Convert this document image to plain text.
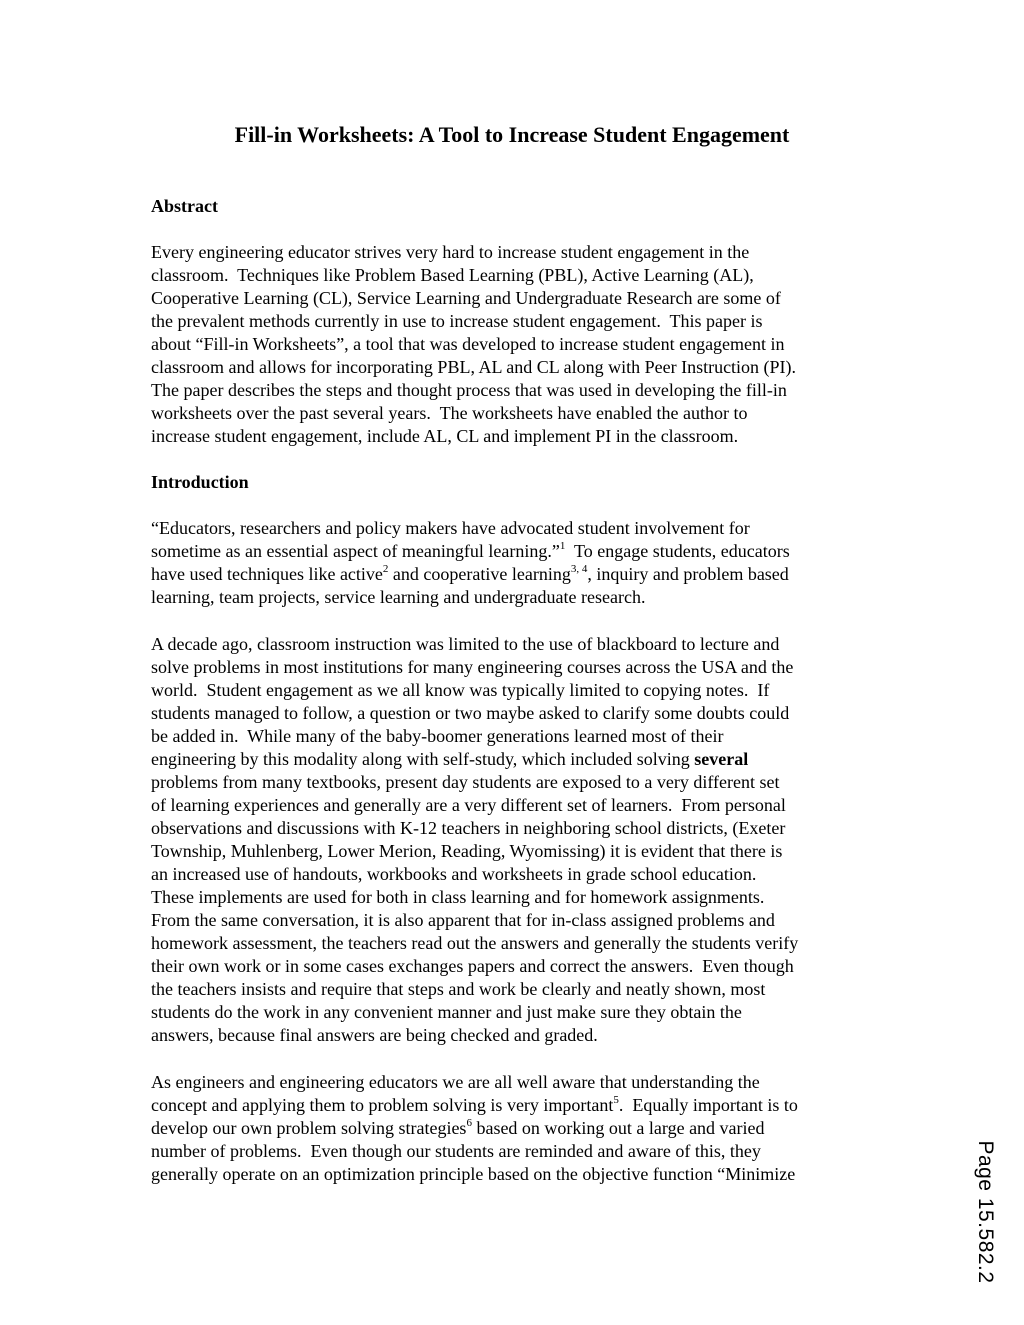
Fill-in Worksheets: A Tool to Increase Student Engagement
Abstract
Every engineering educator strives very hard to increase student engagement in the
classroom.  Techniques like Problem Based Learning (PBL), Active Learning (AL),
Cooperative Learning (CL), Service Learning and Undergraduate Research are some of
the prevalent methods currently in use to increase student engagement.  This paper is
about “Fill-in Worksheets”, a tool that was developed to increase student engagement in
classroom and allows for incorporating PBL, AL and CL along with Peer Instruction (PI).
The paper describes the steps and thought process that was used in developing the fill-in
worksheets over the past several years.  The worksheets have enabled the author to
increase student engagement, include AL, CL and implement PI in the classroom.
Introduction
“Educators, researchers and policy makers have advocated student involvement for
sometime as an essential aspect of meaningful learning.”$^1$  To engage students, educators
have used techniques like active$^2$ and cooperative learning$^{3, 4}$, inquiry and problem based
learning, team projects, service learning and undergraduate research.
A decade ago, classroom instruction was limited to the use of blackboard to lecture and
solve problems in most institutions for many engineering courses across the USA and the
world.  Student engagement as we all know was typically limited to copying notes.  If
students managed to follow, a question or two maybe asked to clarify some doubts could
be added in.  While many of the baby-boomer generations learned most of their
engineering by this modality along with self-study, which included solving several
problems from many textbooks, present day students are exposed to a very different set
of learning experiences and generally are a very different set of learners.  From personal
observations and discussions with K-12 teachers in neighboring school districts, (Exeter
Township, Muhlenberg, Lower Merion, Reading, Wyomissing) it is evident that there is
an increased use of handouts, workbooks and worksheets in grade school education.
These implements are used for both in class learning and for homework assignments.
From the same conversation, it is also apparent that for in-class assigned problems and
homework assessment, the teachers read out the answers and generally the students verify
their own work or in some cases exchanges papers and correct the answers.  Even though
the teachers insists and require that steps and work be clearly and neatly shown, most
students do the work in any convenient manner and just make sure they obtain the
answers, because final answers are being checked and graded.
As engineers and engineering educators we are all well aware that understanding the
concept and applying them to problem solving is very important$^5$.  Equally important is to
develop our own problem solving strategies$^6$ based on working out a large and varied
number of problems.  Even though our students are reminded and aware of this, they
generally operate on an optimization principle based on the objective function “Minimize	Page 15.582.2
